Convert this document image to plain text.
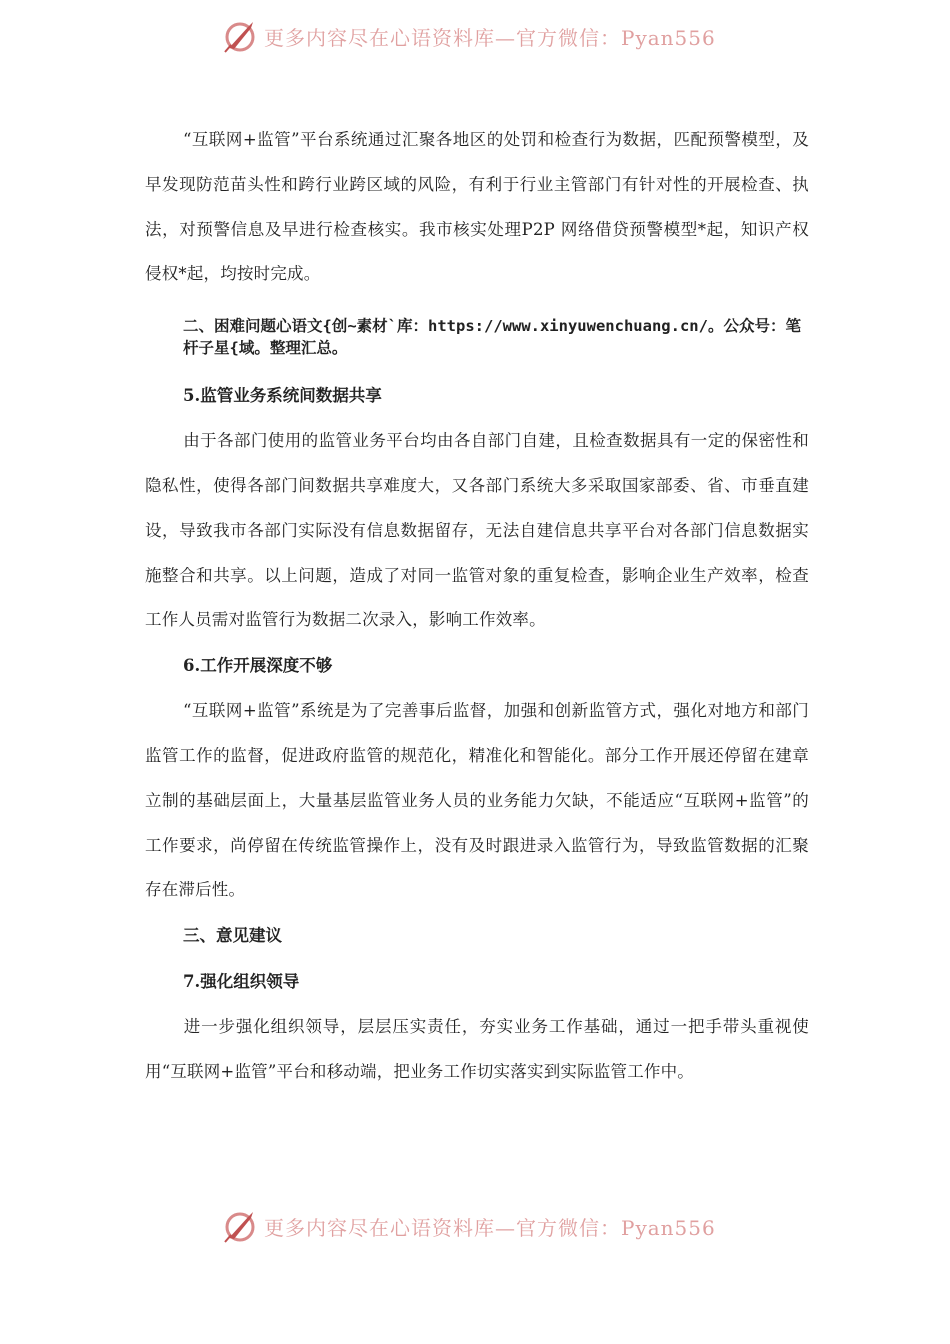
更多内容尽在心语资料库—官方微信：Pyan556

“互联网+监管”平台系统通过汇聚各地区的处罚和检查行为数据，匹配预警模型，及早发现防范苗头性和跨行业跨区域的风险，有利于行业主管部门有针对性的开展检查、执法，对预警信息及早进行检查核实。我市核实处理P2P 网络借贷预警模型*起，知识产权侵权*起，均按时完成。

二、困难问题心语文{创~素材`库：https://www.xinyuwenchuang.cn/。公众号：笔杆子星{域。整理汇总。

5.监管业务系统间数据共享

由于各部门使用的监管业务平台均由各自部门自建，且检查数据具有一定的保密性和隐私性，使得各部门间数据共享难度大，又各部门系统大多采取国家部委、省、市垂直建设，导致我市各部门实际没有信息数据留存，无法自建信息共享平台对各部门信息数据实施整合和共享。以上问题，造成了对同一监管对象的重复检查，影响企业生产效率，检查工作人员需对监管行为数据二次录入，影响工作效率。

6.工作开展深度不够

“互联网+监管”系统是为了完善事后监督，加强和创新监管方式，强化对地方和部门监管工作的监督，促进政府监管的规范化，精准化和智能化。部分工作开展还停留在建章立制的基础层面上，大量基层监管业务人员的业务能力欠缺，不能适应“互联网+监管”的工作要求，尚停留在传统监管操作上，没有及时跟进录入监管行为，导致监管数据的汇聚存在滞后性。

三、意见建议

7.强化组织领导

进一步强化组织领导，层层压实责任，夯实业务工作基础，通过一把手带头重视使用“互联网+监管”平台和移动端，把业务工作切实落实到实际监管工作中。

更多内容尽在心语资料库—官方微信：Pyan556
